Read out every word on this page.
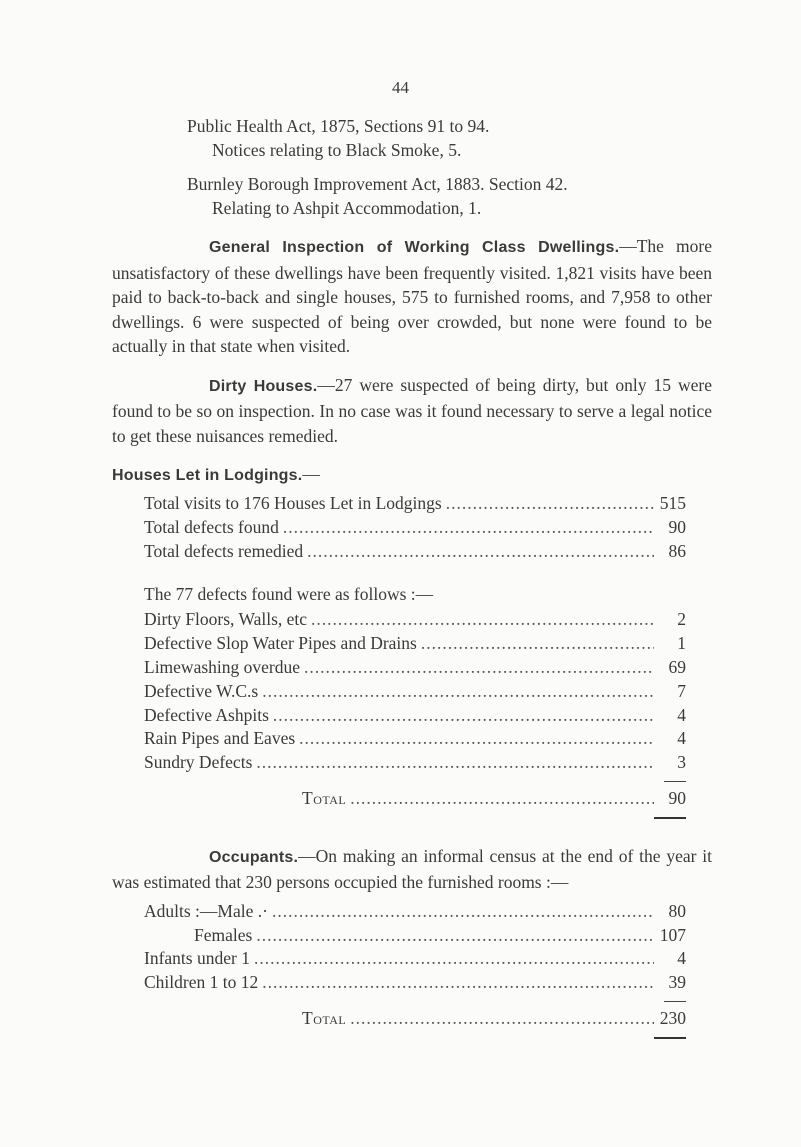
44
Public Health Act, 1875, Sections 91 to 94.
Notices relating to Black Smoke, 5.
Burnley Borough Improvement Act, 1883. Section 42.
Relating to Ashpit Accommodation, 1.
General Inspection of Working Class Dwellings.—The more unsatisfactory of these dwellings have been frequently visited. 1,821 visits have been paid to back-to-back and single houses, 575 to furnished rooms, and 7,958 to other dwellings. 6 were suspected of being over crowded, but none were found to be actually in that state when visited.
Dirty Houses.—27 were suspected of being dirty, but only 15 were found to be so on inspection. In no case was it found necessary to serve a legal notice to get these nuisances remedied.
Houses Let in Lodgings.—
Total visits to 176 Houses Let in Lodgings .....	515
Total defects found .....	90
Total defects remedied .....	86
The 77 defects found were as follows :—
Dirty Floors, Walls, etc .....	2
Defective Slop Water Pipes and Drains .....	1
Limewashing overdue .....	69
Defective W.C.s .....	7
Defective Ashpits .....	4
Rain Pipes and Eaves .....	4
Sundry Defects .....	3
Total .....	90
Occupants.—On making an informal census at the end of the year it was estimated that 230 persons occupied the furnished rooms :—
Adults :—Male .· .....	80
Females .....	107
Infants under 1 .....	4
Children 1 to 12 .....	39
Total .....	230
